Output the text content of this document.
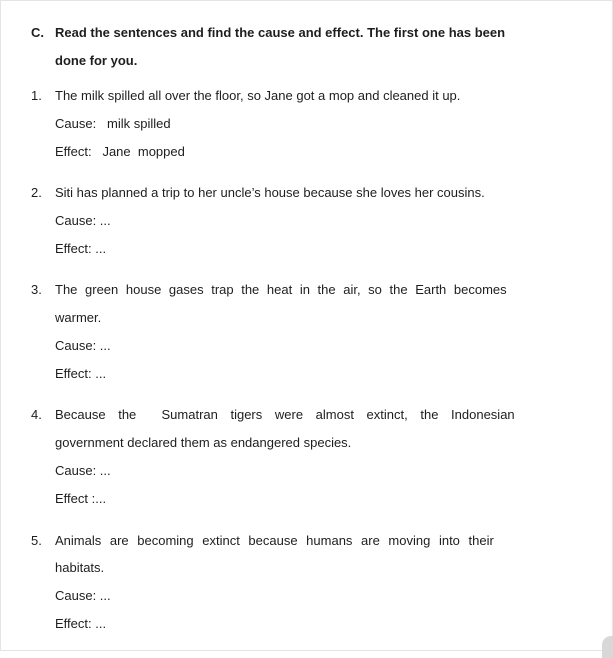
C. Read the sentences and find the cause and effect. The first one has been
done for you.
1. The milk spilled all over the floor, so Jane got a mop and cleaned it up.
Cause:   milk spilled
Effect:   Jane  mopped
2. Siti has planned a trip to her uncle’s house because she loves her cousins.
Cause: ...
Effect: ...
3. The green house gases trap the heat in the air, so the Earth becomes
warmer.
Cause: ...
Effect: ...
4. Because the  Sumatran tigers were almost extinct, the Indonesian
government declared them as endangered species.
Cause: ...
Effect :...
5. Animals are becoming extinct because humans are moving into their
habitats.
Cause: ...
Effect: ...
